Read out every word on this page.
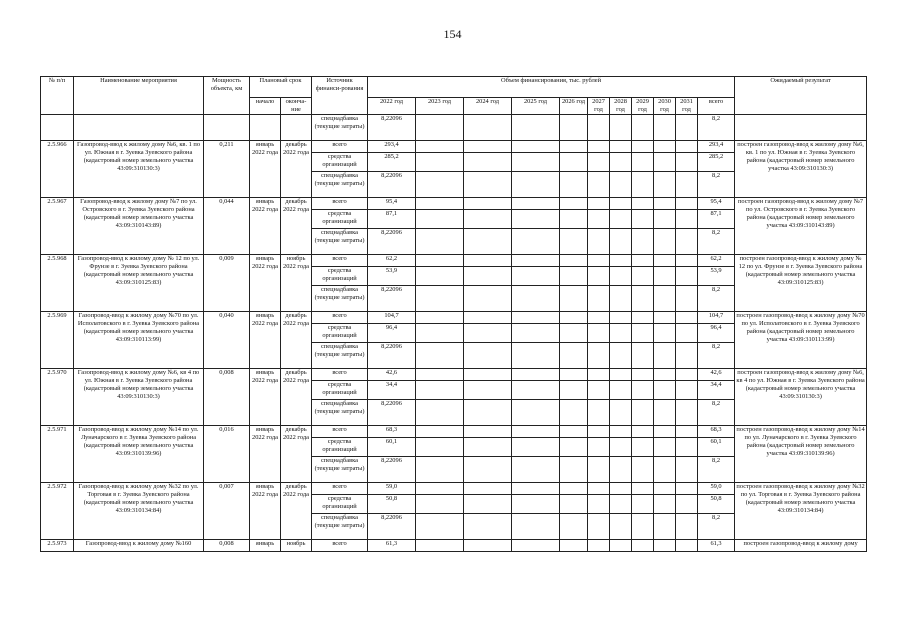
154
№ п/п	Наименование мероприятия	Мощность объекта, км	Плановый срок		Источник финанси-рования	Объем финансирования, тыс. рублей											Ожидаемый результат
			начало	оконча-ние		2022 год	2023 год	2024 год	2025 год	2026 год	2027 год	2028 год	2029 год	2030 год	2031 год	всего	
					спецнадбавка (текущие затраты)	8,22096										8,2	
2.5.966	Газопровод-ввод к жилому дому №6, кв. 1 по ул. Южная в г. Зуевка Зуевского района (кадастровый номер земельного участка 43:09:310130:3)	0,211	январь 2022 года	декабрь 2022 года	всего	293,4										293,4	построен газопровод-ввод к жилому дому №6, кв. 1 по ул. Южная в г. Зуевка Зуевского района (кадастровый номер земельного участка 43:09:310130:3)
					средства организаций	285,2										285,2	
					спецнадбавка (текущие затраты)	8,22096										8,2	
2.5.967	Газопровод-ввод к жилому дому №7 по ул. Островского в г. Зуевка Зуевского района (кадастровый номер земельного участка 43:09:310143:89)	0,044	январь 2022 года	декабрь 2022 года	всего	95,4										95,4	построен газопровод-ввод к жилому дому №7 по ул. Островского в г. Зуевка Зуевского района (кадастровый номер земельного участка 43:09:310143:89)
					средства организаций	87,1										87,1	
					спецнадбавка (текущие затраты)	8,22096										8,2	
2.5.968	Газопровод-ввод к жилому дому № 12 по ул. Фрунзе в г. Зуевка Зуевского района (кадастровый номер земельного участка 43:09:310125:83)	0,009	январь 2022 года	ноябрь 2022 года	всего	62,2										62,2	построен газопровод-ввод к жилому дому № 12 по ул. Фрунзе в г. Зуевка Зуевского района (кадастровый номер земельного участка 43:09:310125:83)
					средства организаций	53,9										53,9	
					спецнадбавка (текущие затраты)	8,22096										8,2	
2.5.969	Газопровод-ввод к жилому дому №70 по ул. Исполатовского в г. Зуевка Зуевского района (кадастровый номер земельного участка 43:09:310113:99)	0,040	январь 2022 года	декабрь 2022 года	всего	104,7										104,7	построен газопровод-ввод к жилому дому №70 по ул. Исполатовского в г. Зуевка Зуевского района (кадастровый номер земельного участка 43:09:310113:99)
					средства организаций	96,4										96,4	
					спецнадбавка (текущие затраты)	8,22096										8,2	
2.5.970	Газопровод-ввод к жилому дому №6, кв 4 по ул. Южная в г. Зуевка Зуевского района (кадастровый номер земельного участка 43:09:310130:3)	0,008	январь 2022 года	декабрь 2022 года	всего	42,6										42,6	построен газопровод-ввод к жилому дому №6, кв 4 по ул. Южная в г. Зуевка Зуевского района (кадастровый номер земельного участка 43:09:310130:3)
					средства организаций	34,4										34,4	
					спецнадбавка (текущие затраты)	8,22096										8,2	
2.5.971	Газопровод-ввод к жилому дому №14 по ул. Луначарского в г. Зуевка Зуевского района (кадастровый номер земельного участка 43:09:310139:96)	0,016	январь 2022 года	декабрь 2022 года	всего	68,3										68,3	построен газопровод-ввод к жилому дому №14 по ул. Луначарского в г. Зуевка Зуевского района (кадастровый номер земельного участка 43:09:310139:96)
					средства организаций	60,1										60,1	
					спецнадбавка (текущие затраты)	8,22096										8,2	
2.5.972	Газопровод-ввод к жилому дому №32 по ул. Торговая в г. Зуевка Зуевского района (кадастровый номер земельного участка 43:09:310134:84)	0,007	январь 2022 года	декабрь 2022 года	всего	59,0										59,0	построен газопровод-ввод к жилому дому №32 по ул. Торговая в г. Зуевка Зуевского района (кадастровый номер земельного участка 43:09:310134:84)
					средства организаций	50,8										50,8	
					спецнадбавка (текущие затраты)	8,22096										8,2	
2.5.973	Газопровод-ввод к жилому дому №160	0,008	январь	ноябрь	всего	61,3										61,3	построен газопровод-ввод к жилому дому
